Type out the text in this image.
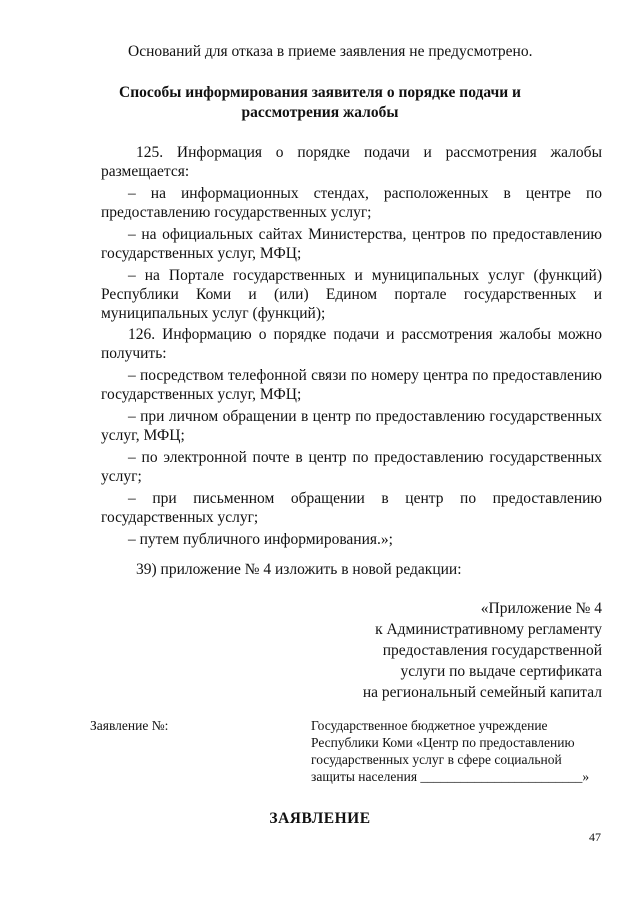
Оснований для отказа в приеме заявления не предусмотрено.
Способы информирования заявителя о порядке подачи и
рассмотрения жалобы
125. Информация о порядке подачи и рассмотрения жалобы
размещается:
– на информационных стендах, расположенных в центре по
предоставлению государственных услуг;
– на официальных сайтах Министерства, центров по предоставлению
государственных услуг, МФЦ;
– на Портале государственных и муниципальных услуг (функций)
Республики Коми и (или) Едином портале государственных и
муниципальных услуг (функций);
126. Информацию о порядке подачи и рассмотрения жалобы можно
получить:
– посредством телефонной связи по номеру центра по предоставлению
государственных услуг, МФЦ;
– при личном обращении в центр по предоставлению государственных
услуг, МФЦ;
– по электронной почте в центр по предоставлению государственных
услуг;
– при письменном обращении в центр по предоставлению
государственных услуг;
– путем публичного информирования.»;
39) приложение № 4 изложить в новой редакции:
«Приложение № 4
к Административному регламенту
предоставления государственной
услуги по выдаче сертификата
на региональный семейный капитал
Заявление №:	Государственное бюджетное учреждение
Республики Коми «Центр по предоставлению
государственных услуг в сфере социальной
защиты населения ________________________»
ЗАЯВЛЕНИЕ
47
